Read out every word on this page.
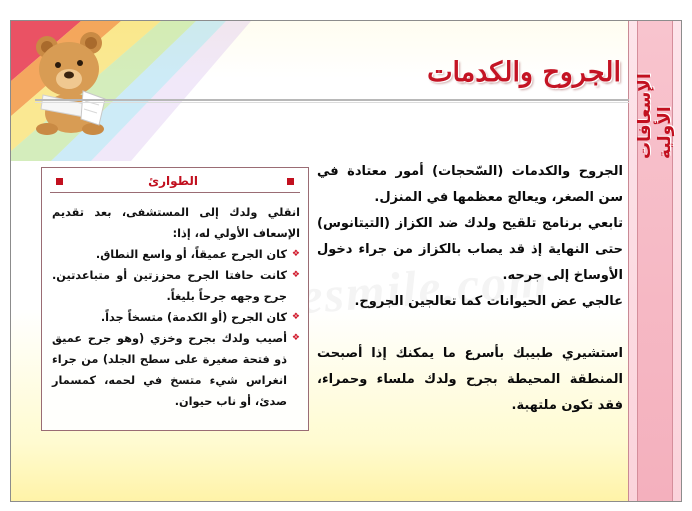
الإسعافات الأولية
الجروح والكدمات

الجروح والكدمات (السّحجات) أمور معتادة في سن الصغر، ويعالج معظمها في المنزل.

تابعي برنامج تلقيح ولدك ضد الكزاز (التيتانوس) حتى النهاية إذ قد يصاب بالكزاز من جراء دخول الأوساخ إلى جرحه.

عالجي عض الحيوانات كما تعالجين الجروح.

استشيري طبيبك بأسرع ما يمكنك إذا أصبحت المنطقة المحيطة بجرح ولدك ملساء وحمراء، فقد تكون ملتهبة.

الطوارئ

انقلي ولدك إلى المستشفى، بعد تقديم الإسعاف الأولي له، إذا:

❖ كان الجرح عميقاً، أو واسع النطاق.
❖ كانت حافتا الجرح محززتين أو متباعدتين. جرح وجهه جرحاً بليغاً.
❖ كان الجرح (أو الكدمة) متسخاً جداً.
❖ أصيب ولدك بجرح وخزي (وهو جرح عميق ذو فتحة صغيرة على سطح الجلد) من جراء انغراس شيء متسخ في لحمه، كمسمار صدئ، أو ناب حيوان.
